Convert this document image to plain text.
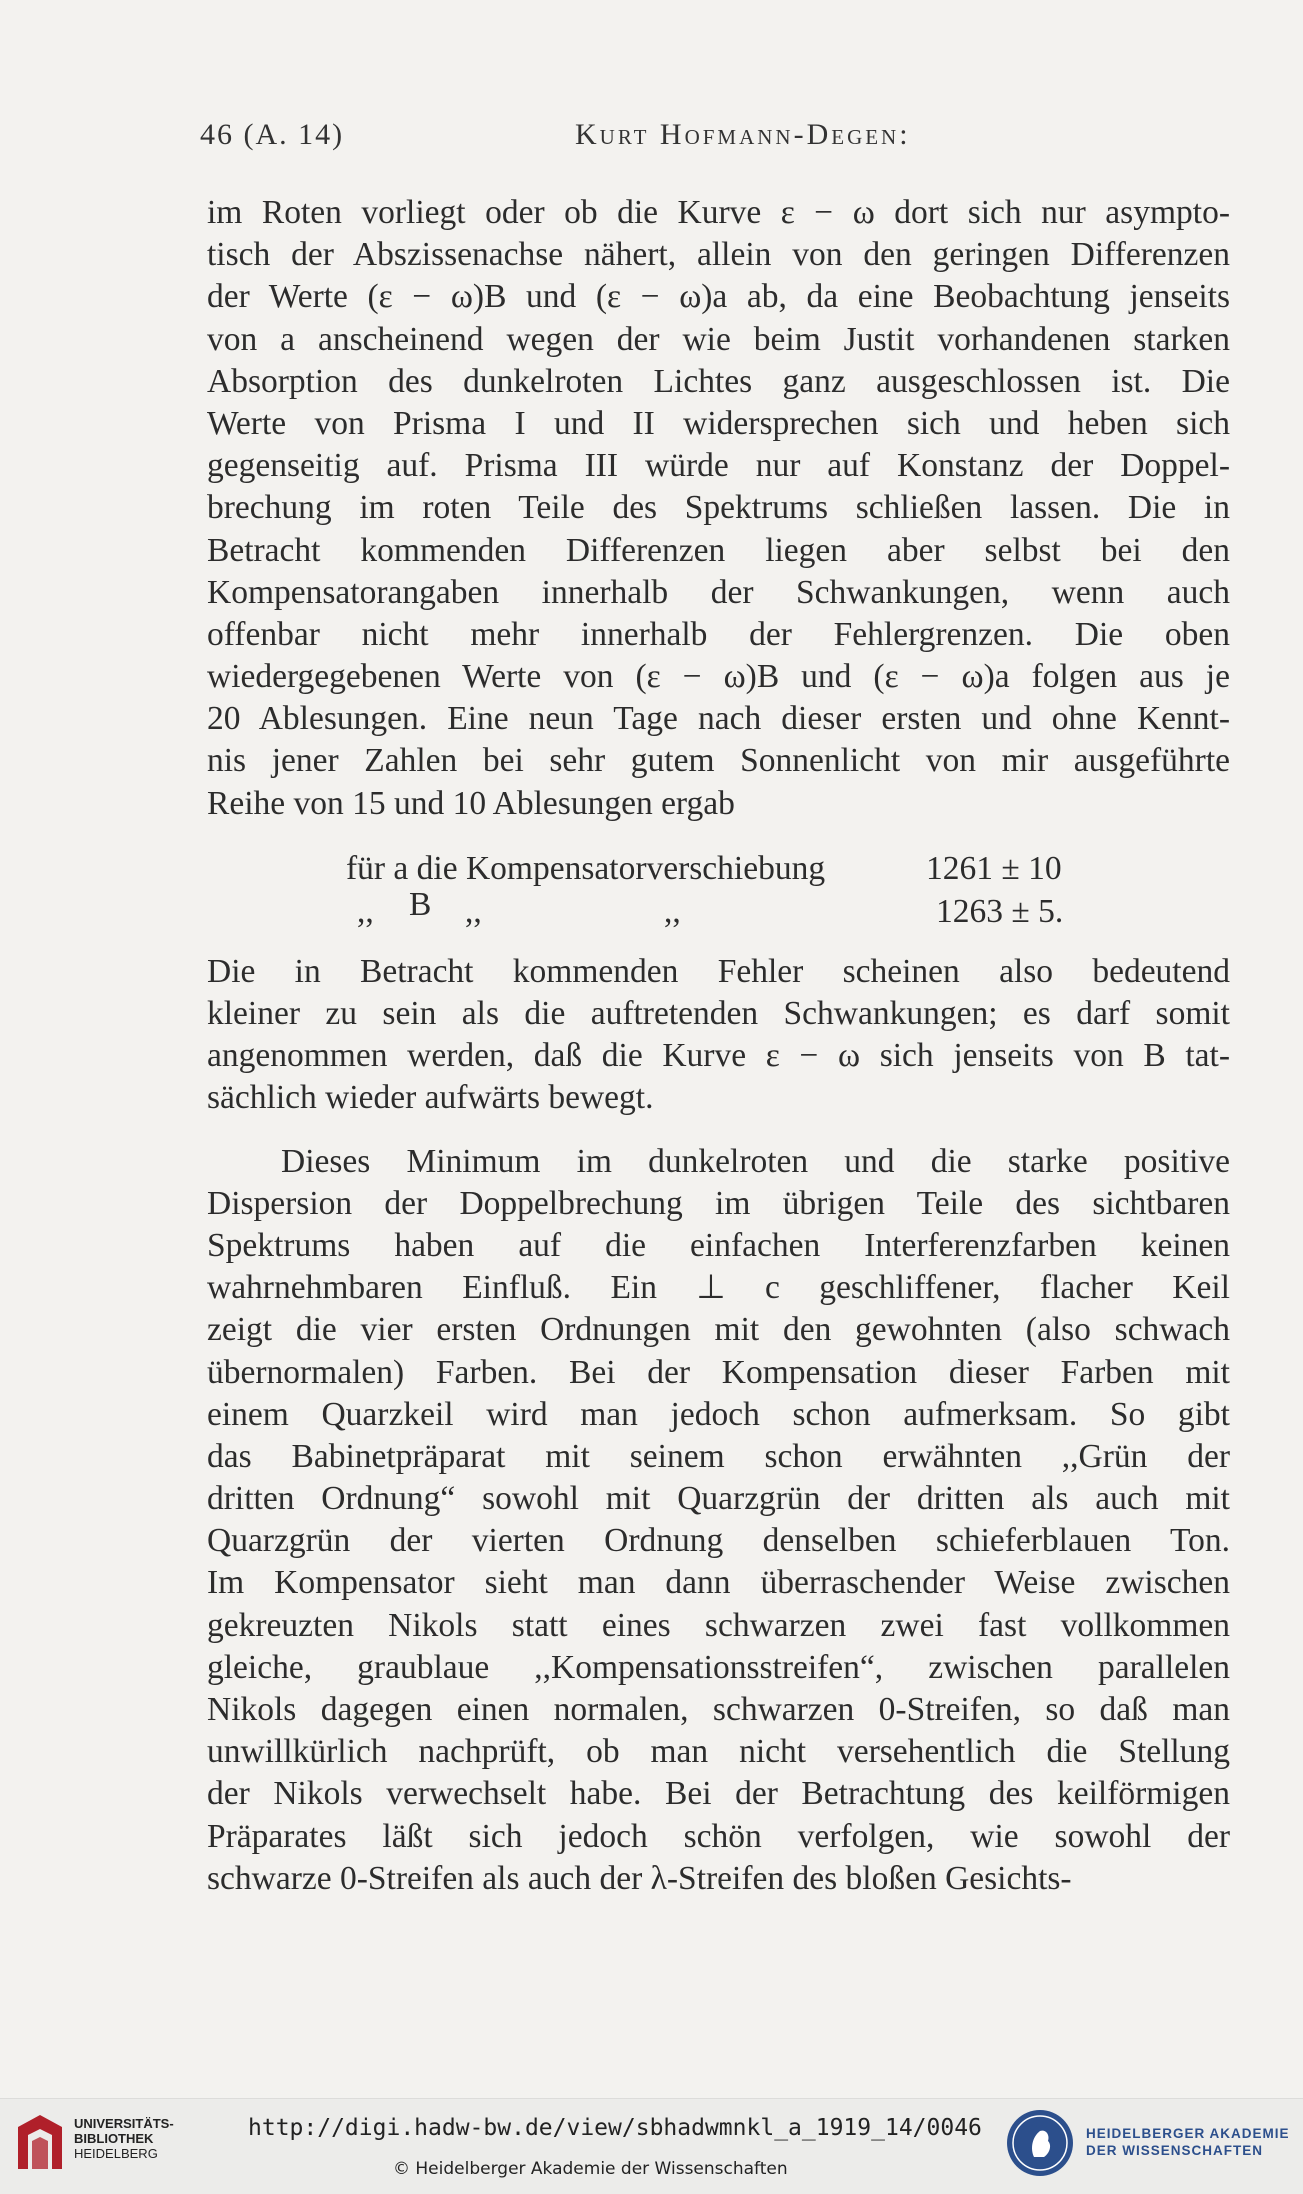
46 (A. 14)	Kurt Hofmann-Degen:
im Roten vorliegt oder ob die Kurve ε − ω dort sich nur asympto-
tisch der Abszissenachse nähert, allein von den geringen Differenzen
der Werte (ε − ω)B und (ε − ω)a ab, da eine Beobachtung jenseits
von a anscheinend wegen der wie beim Justit vorhandenen starken
Absorption des dunkelroten Lichtes ganz ausgeschlossen ist. Die
Werte von Prisma I und II widersprechen sich und heben sich
gegenseitig auf. Prisma III würde nur auf Konstanz der Doppel-
brechung im roten Teile des Spektrums schließen lassen. Die in
Betracht kommenden Differenzen liegen aber selbst bei den
Kompensatorangaben innerhalb der Schwankungen, wenn auch
offenbar nicht mehr innerhalb der Fehlergrenzen. Die oben
wiedergegebenen Werte von (ε − ω)B und (ε − ω)a folgen aus je
20 Ablesungen. Eine neun Tage nach dieser ersten und ohne Kennt-
nis jener Zahlen bei sehr gutem Sonnenlicht von mir ausgeführte
Reihe von 15 und 10 Ablesungen ergab
Die in Betracht kommenden Fehler scheinen also bedeutend
kleiner zu sein als die auftretenden Schwankungen; es darf somit
angenommen werden, daß die Kurve ε − ω sich jenseits von B tat-
sächlich wieder aufwärts bewegt.
Dieses Minimum im dunkelroten und die starke positive
Dispersion der Doppelbrechung im übrigen Teile des sichtbaren
Spektrums haben auf die einfachen Interferenzfarben keinen
wahrnehmbaren Einfluß. Ein ⊥ c geschliffener, flacher Keil
zeigt die vier ersten Ordnungen mit den gewohnten (also schwach
übernormalen) Farben. Bei der Kompensation dieser Farben mit
einem Quarzkeil wird man jedoch schon aufmerksam. So gibt
das Babinetpräparat mit seinem schon erwähnten ,,Grün der
dritten Ordnung“ sowohl mit Quarzgrün der dritten als auch mit
Quarzgrün der vierten Ordnung denselben schieferblauen Ton.
Im Kompensator sieht man dann überraschender Weise zwischen
gekreuzten Nikols statt eines schwarzen zwei fast vollkommen
gleiche, graublaue ,,Kompensationsstreifen“, zwischen parallelen
Nikols dagegen einen normalen, schwarzen 0-Streifen, so daß man
unwillkürlich nachprüft, ob man nicht versehentlich die Stellung
der Nikols verwechselt habe. Bei der Betrachtung des keilförmigen
Präparates läßt sich jedoch schön verfolgen, wie sowohl der
schwarze 0-Streifen als auch der λ-Streifen des bloßen Gesichts-
für a die Kompensatorverschiebung	1261 ± 10
,, B ,,	,,	1263 ± 5.
UNIVERSITÄTS-
BIBLIOTHEK
HEIDELBERG
http://digi.hadw-bw.de/view/sbhadwmnkl_a_1919_14/0046
© Heidelberger Akademie der Wissenschaften
HEIDELBERGER AKADEMIE
DER WISSENSCHAFTEN
